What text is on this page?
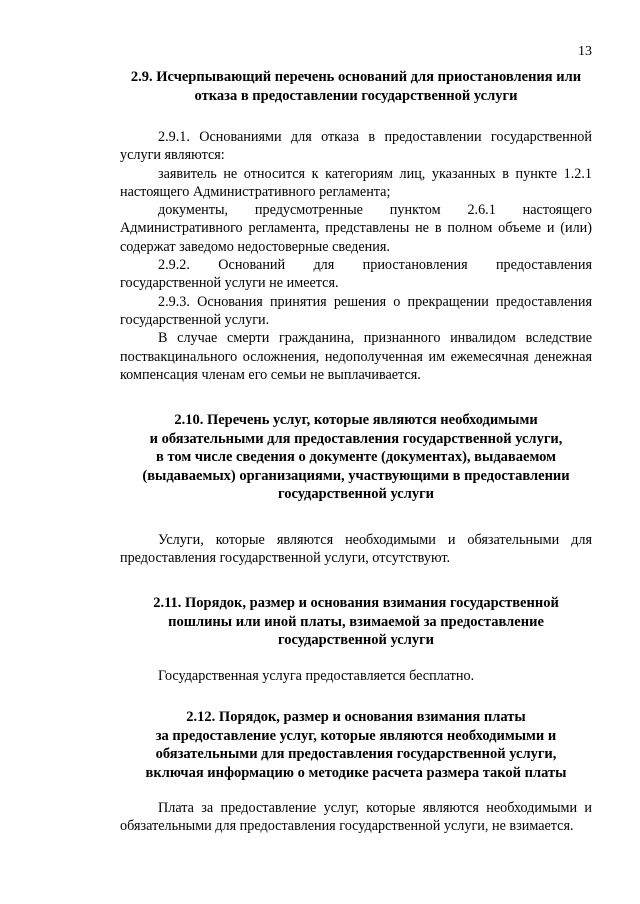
13
2.9. Исчерпывающий перечень оснований для приостановления или отказа в предоставлении государственной услуги

2.9.1. Основаниями для отказа в предоставлении государственной услуги являются:

заявитель не относится к категориям лиц, указанных в пункте 1.2.1 настоящего Административного регламента;

документы, предусмотренные пунктом 2.6.1 настоящего Административного регламента, представлены не в полном объеме и (или) содержат заведомо недостоверные сведения.

2.9.2. Оснований для приостановления предоставления государственной услуги не имеется.

2.9.3. Основания принятия решения о прекращении предоставления государственной услуги.

В случае смерти гражданина, признанного инвалидом вследствие поствакцинального осложнения, недополученная им ежемесячная денежная компенсация членам его семьи не выплачивается.

2.10. Перечень услуг, которые являются необходимыми
и обязательными для предоставления государственной услуги,
в том числе сведения о документе (документах), выдаваемом
(выдаваемых) организациями, участвующими в предоставлении
государственной услуги

Услуги, которые являются необходимыми и обязательными для предоставления государственной услуги, отсутствуют.

2.11. Порядок, размер и основания взимания государственной
пошлины или иной платы, взимаемой за предоставление
государственной услуги

Государственная услуга предоставляется бесплатно.

2.12. Порядок, размер и основания взимания платы
за предоставление услуг, которые являются необходимыми и
обязательными для предоставления государственной услуги,
включая информацию о методике расчета размера такой платы

Плата за предоставление услуг, которые являются необходимыми и обязательными для предоставления государственной услуги, не взимается.
